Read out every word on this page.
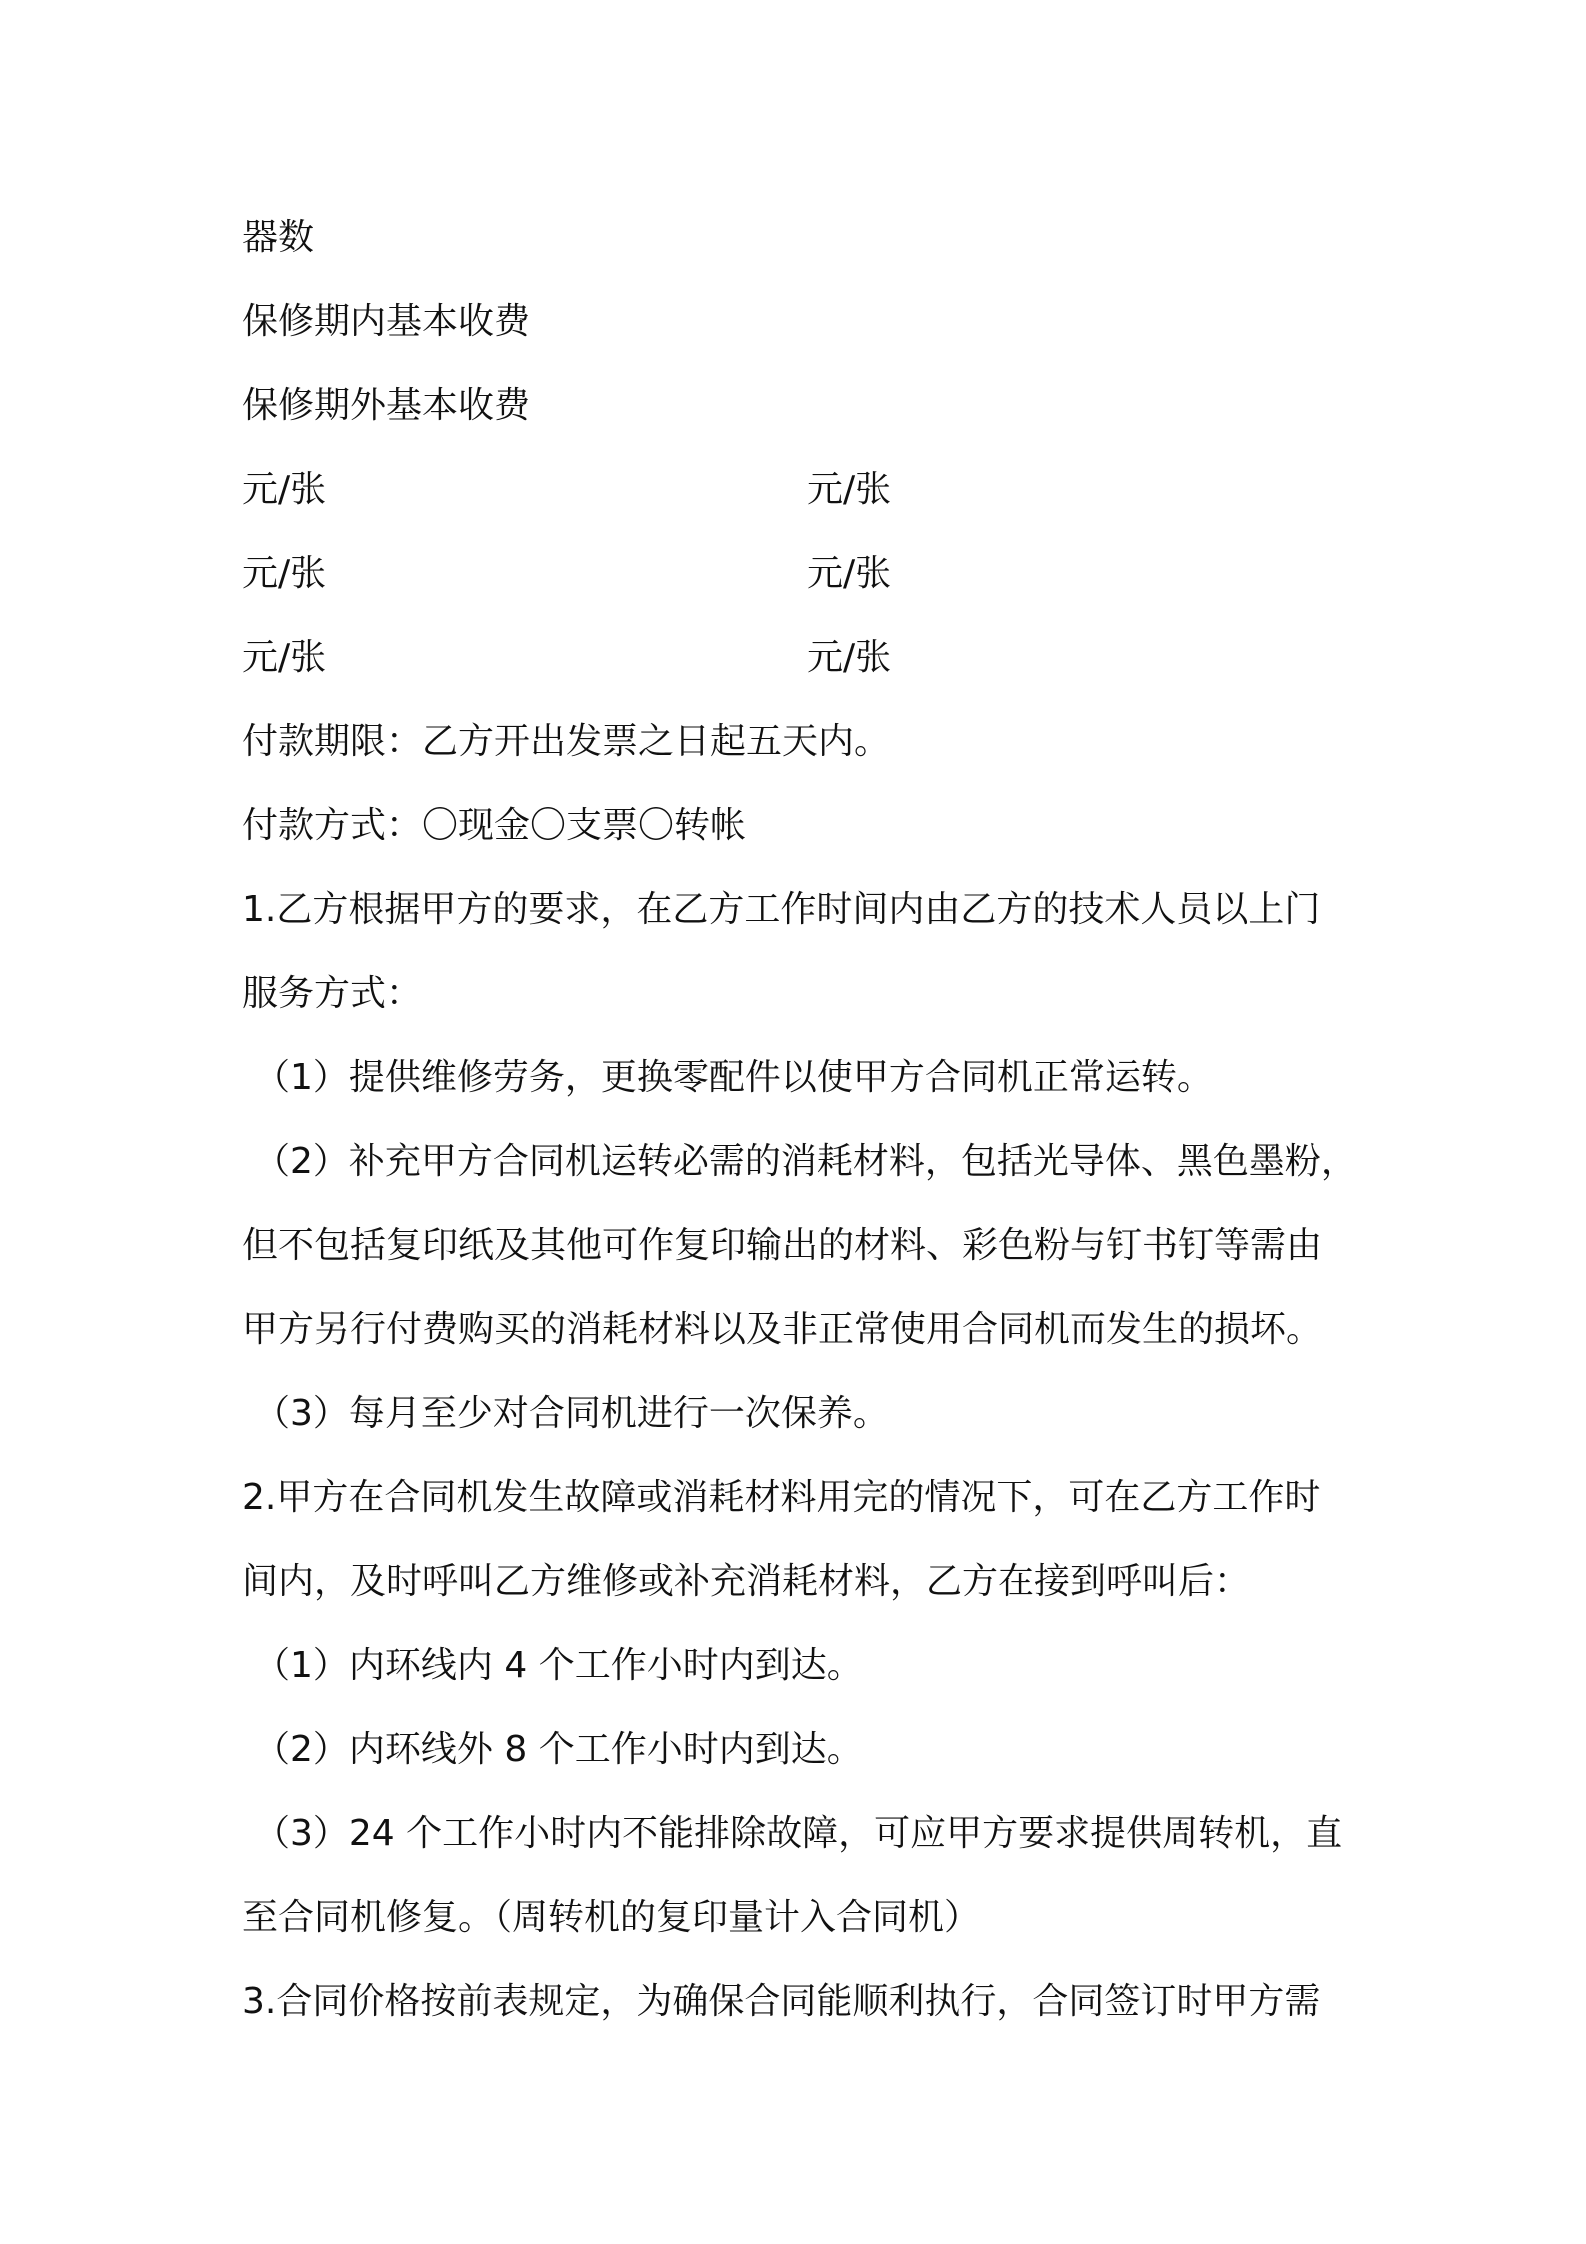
器数
保修期内基本收费
保修期外基本收费
元/张	元/张
元/张	元/张
元/张	元/张
付款期限：乙方开出发票之日起五天内。
付款方式：〇现金〇支票〇转帐
1.乙方根据甲方的要求，在乙方工作时间内由乙方的技术人员以上门
服务方式：
（1）提供维修劳务，更换零配件以使甲方合同机正常运转。
（2）补充甲方合同机运转必需的消耗材料，包括光导体、黑色墨粉，
但不包括复印纸及其他可作复印输出的材料、彩色粉与钉书钉等需由
甲方另行付费购买的消耗材料以及非正常使用合同机而发生的损坏。
（3）每月至少对合同机进行一次保养。
2.甲方在合同机发生故障或消耗材料用完的情况下，可在乙方工作时
间内，及时呼叫乙方维修或补充消耗材料，乙方在接到呼叫后：
（1）内环线内 4 个工作小时内到达。
（2）内环线外 8 个工作小时内到达。
（3）24 个工作小时内不能排除故障，可应甲方要求提供周转机，直
至合同机修复。（周转机的复印量计入合同机）
3.合同价格按前表规定，为确保合同能顺利执行，合同签订时甲方需
